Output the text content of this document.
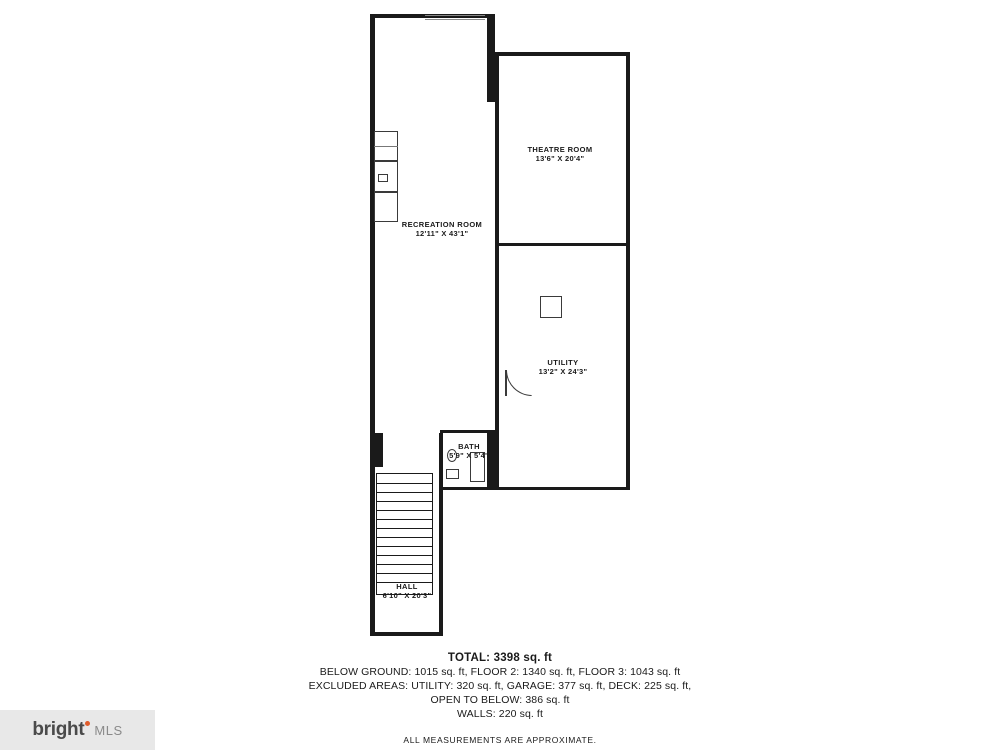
THEATRE ROOM
13'6" X 20'4"
RECREATION ROOM
12'11" X 43'1"
UTILITY
13'2" X 24'3"
BATH
5'9" X 5'4"
HALL
6'10" X 20'3"
TOTAL: 3398 sq. ft
BELOW GROUND: 1015 sq. ft, FLOOR 2: 1340 sq. ft, FLOOR 3: 1043 sq. ft
EXCLUDED AREAS: UTILITY: 320 sq. ft, GARAGE: 377 sq. ft, DECK: 225 sq. ft,
OPEN TO BELOW: 386 sq. ft
WALLS: 220 sq. ft
ALL MEASUREMENTS ARE APPROXIMATE.
bright MLS
